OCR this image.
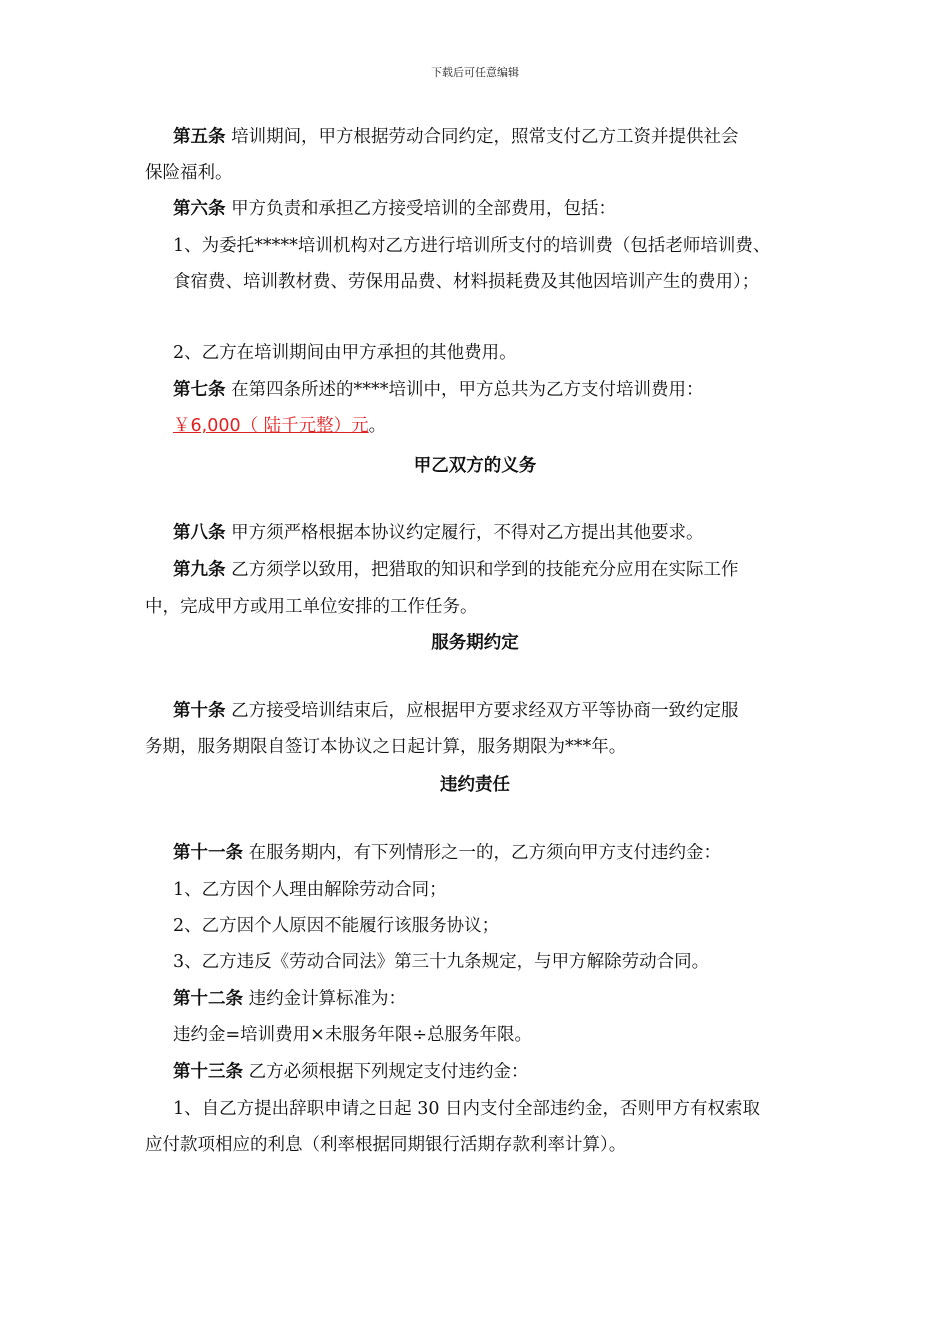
下载后可任意编辑
第五条 培训期间，甲方根据劳动合同约定，照常支付乙方工资并提供社会
保险福利。
第六条 甲方负责和承担乙方接受培训的全部费用，包括：
1、为委托*****培训机构对乙方进行培训所支付的培训费（包括老师培训费、
食宿费、培训教材费、劳保用品费、材料损耗费及其他因培训产生的费用）；
2、乙方在培训期间由甲方承担的其他费用。
第七条 在第四条所述的****培训中，甲方总共为乙方支付培训费用：
￥6,000（ 陆千元整）元。
甲乙双方的义务
第八条 甲方须严格根据本协议约定履行，不得对乙方提出其他要求。
第九条 乙方须学以致用，把猎取的知识和学到的技能充分应用在实际工作
中，完成甲方或用工单位安排的工作任务。
服务期约定
第十条 乙方接受培训结束后，应根据甲方要求经双方平等协商一致约定服
务期，服务期限自签订本协议之日起计算，服务期限为***年。
违约责任
第十一条 在服务期内，有下列情形之一的，乙方须向甲方支付违约金：
1、乙方因个人理由解除劳动合同；
2、乙方因个人原因不能履行该服务协议；
3、乙方违反《劳动合同法》第三十九条规定，与甲方解除劳动合同。
第十二条 违约金计算标准为：
违约金=培训费用×未服务年限÷总服务年限。
第十三条 乙方必须根据下列规定支付违约金：
1、自乙方提出辞职申请之日起 30 日内支付全部违约金，否则甲方有权索取
应付款项相应的利息（利率根据同期银行活期存款利率计算）。
